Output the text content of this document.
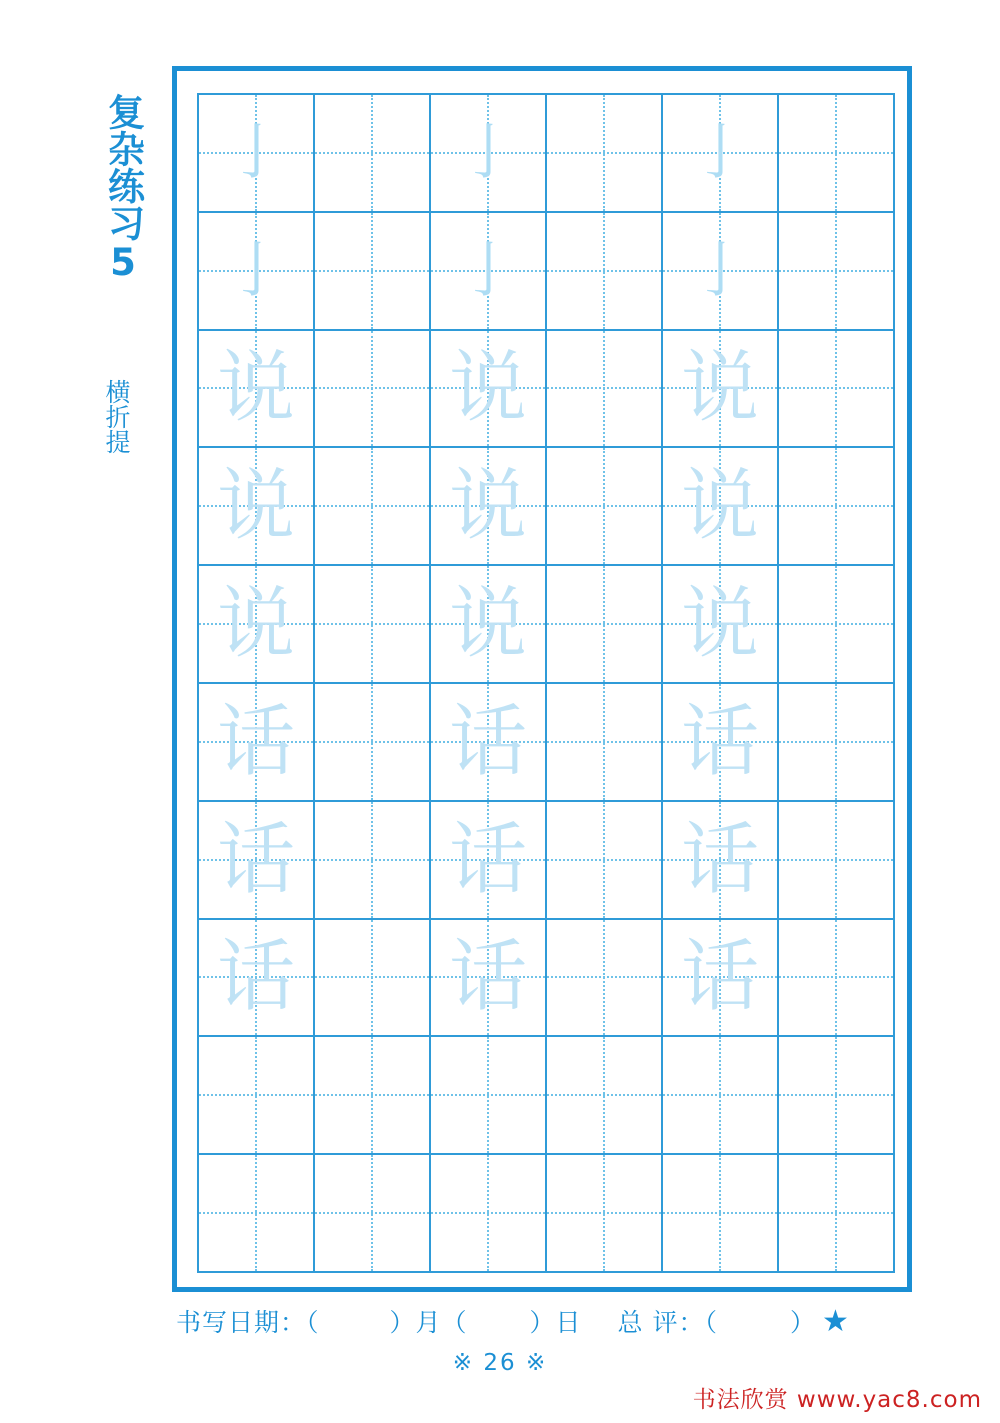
复杂练习5
横折提
亅	亅	亅
亅	亅	亅
说 说 说
说 说 说
说 说 说
话 话 话
话 话 话
话 话 话
书写日期：（	）月（ ）日 总 评：（	） ★
※ 26 ※
书法欣赏 www.yac8.com
